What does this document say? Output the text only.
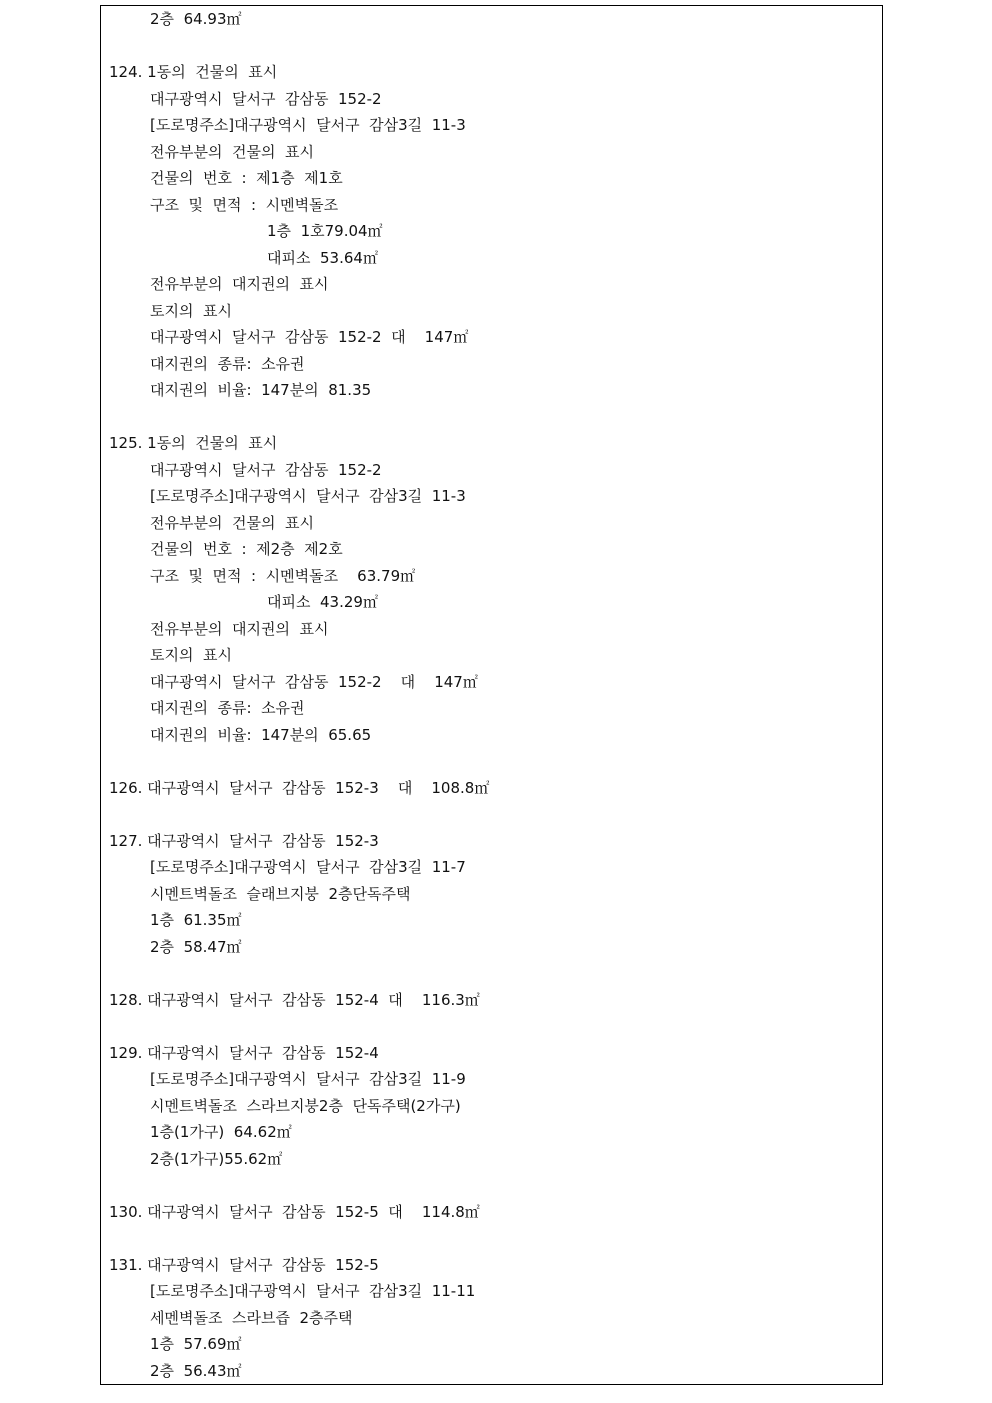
2층  64.93㎡
124. 1동의  건물의  표시
대구광역시  달서구  감삼동  152-2
[도로명주소]대구광역시  달서구  감삼3길  11-3
전유부분의  건물의  표시
건물의  번호  :  제1층  제1호
구조  및  면적  :  시멘벽돌조
1층  1호79.04㎡
대피소  53.64㎡
전유부분의  대지권의  표시
토지의  표시
대구광역시  달서구  감삼동  152-2  대    147㎡
대지권의  종류:  소유권
대지권의  비율:  147분의  81.35
125. 1동의  건물의  표시
대구광역시  달서구  감삼동  152-2
[도로명주소]대구광역시  달서구  감삼3길  11-3
전유부분의  건물의  표시
건물의  번호  :  제2층  제2호
구조  및  면적  :  시멘벽돌조    63.79㎡
대피소  43.29㎡
전유부분의  대지권의  표시
토지의  표시
대구광역시  달서구  감삼동  152-2    대    147㎡
대지권의  종류:  소유권
대지권의  비율:  147분의  65.65
126. 대구광역시  달서구  감삼동  152-3    대    108.8㎡
127. 대구광역시  달서구  감삼동  152-3
[도로명주소]대구광역시  달서구  감삼3길  11-7
시멘트벽돌조  슬래브지붕  2층단독주택
1층  61.35㎡
2층  58.47㎡
128. 대구광역시  달서구  감삼동  152-4  대    116.3㎡
129. 대구광역시  달서구  감삼동  152-4
[도로명주소]대구광역시  달서구  감삼3길  11-9
시멘트벽돌조  스라브지붕2층  단독주택(2가구)
1층(1가구)  64.62㎡
2층(1가구)55.62㎡
130. 대구광역시  달서구  감삼동  152-5  대    114.8㎡
131. 대구광역시  달서구  감삼동  152-5
[도로명주소]대구광역시  달서구  감삼3길  11-11
세멘벽돌조  스라브즙  2층주택
1층  57.69㎡
2층  56.43㎡
